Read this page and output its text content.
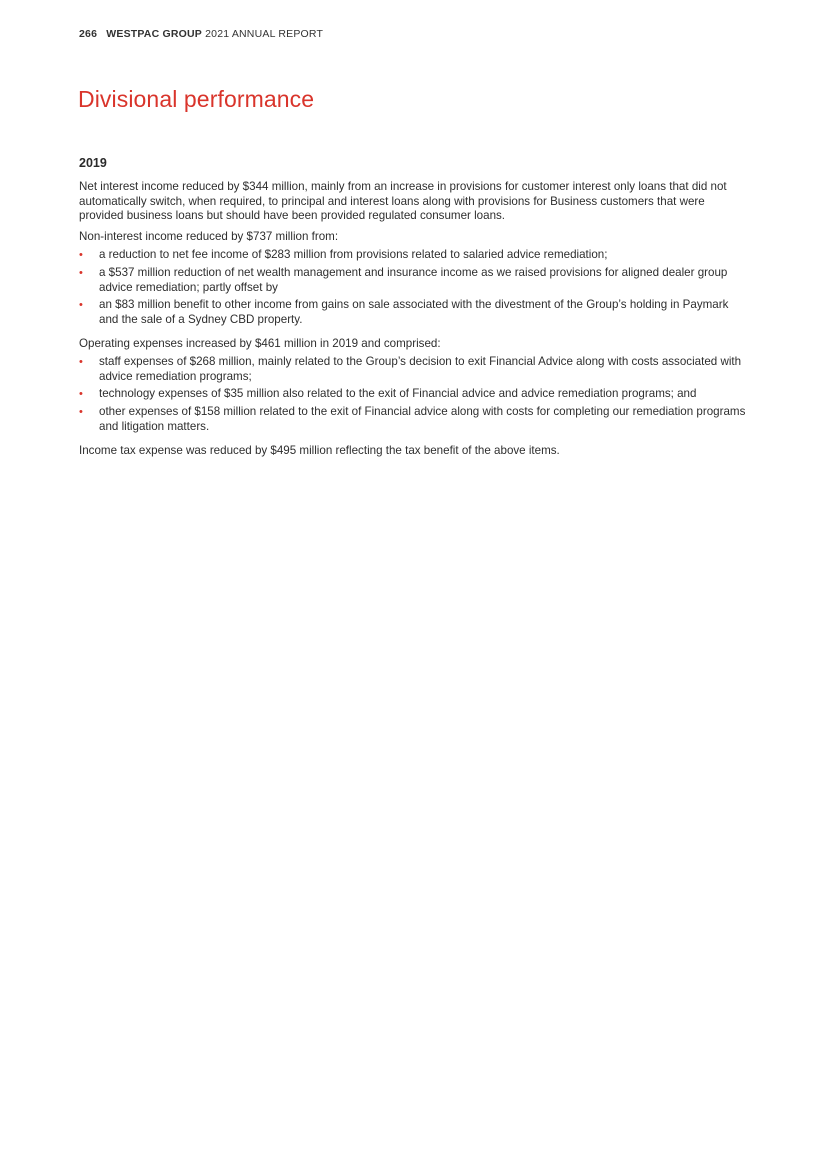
266 WESTPAC GROUP 2021 ANNUAL REPORT
Divisional performance
2019

Net interest income reduced by $344 million, mainly from an increase in provisions for customer interest only loans that did not automatically switch, when required, to principal and interest loans along with provisions for Business customers that were provided business loans but should have been provided regulated consumer loans.

Non-interest income reduced by $737 million from:

• a reduction to net fee income of $283 million from provisions related to salaried advice remediation;
• a $537 million reduction of net wealth management and insurance income as we raised provisions for aligned dealer group advice remediation; partly offset by
• an $83 million benefit to other income from gains on sale associated with the divestment of the Group’s holding in Paymark and the sale of a Sydney CBD property.

Operating expenses increased by $461 million in 2019 and comprised:

• staff expenses of $268 million, mainly related to the Group’s decision to exit Financial Advice along with costs associated with advice remediation programs;
• technology expenses of $35 million also related to the exit of Financial advice and advice remediation programs; and
• other expenses of $158 million related to the exit of Financial advice along with costs for completing our remediation programs and litigation matters.

Income tax expense was reduced by $495 million reflecting the tax benefit of the above items.
